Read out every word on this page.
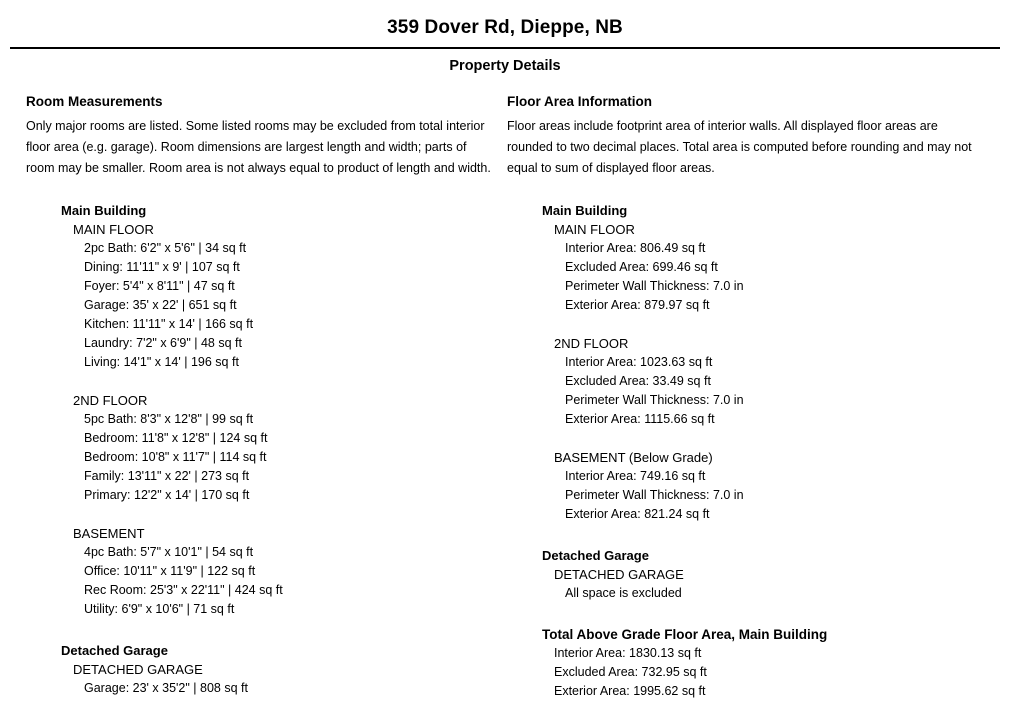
359 Dover Rd, Dieppe, NB
Property Details
Room Measurements
Only major rooms are listed. Some listed rooms may be excluded from total interior floor area (e.g. garage). Room dimensions are largest length and width; parts of room may be smaller. Room area is not always equal to product of length and width.
Main Building
MAIN FLOOR
2pc Bath: 6'2" x 5'6" | 34 sq ft
Dining: 11'11" x 9' | 107 sq ft
Foyer: 5'4" x 8'11" | 47 sq ft
Garage: 35' x 22' | 651 sq ft
Kitchen: 11'11" x 14' | 166 sq ft
Laundry: 7'2" x 6'9" | 48 sq ft
Living: 14'1" x 14' | 196 sq ft
2ND FLOOR
5pc Bath: 8'3" x 12'8" | 99 sq ft
Bedroom: 11'8" x 12'8" | 124 sq ft
Bedroom: 10'8" x 11'7" | 114 sq ft
Family: 13'11" x 22' | 273 sq ft
Primary: 12'2" x 14' | 170 sq ft
BASEMENT
4pc Bath: 5'7" x 10'1" | 54 sq ft
Office: 10'11" x 11'9" | 122 sq ft
Rec Room: 25'3" x 22'11" | 424 sq ft
Utility: 6'9" x 10'6" | 71 sq ft
Detached Garage
DETACHED GARAGE
Garage: 23' x 35'2" | 808 sq ft
Floor Area Information
Floor areas include footprint area of interior walls. All displayed floor areas are rounded to two decimal places. Total area is computed before rounding and may not equal to sum of displayed floor areas.
Main Building
MAIN FLOOR
Interior Area: 806.49 sq ft
Excluded Area: 699.46 sq ft
Perimeter Wall Thickness: 7.0 in
Exterior Area: 879.97 sq ft
2ND FLOOR
Interior Area: 1023.63 sq ft
Excluded Area: 33.49 sq ft
Perimeter Wall Thickness: 7.0 in
Exterior Area: 1115.66 sq ft
BASEMENT (Below Grade)
Interior Area: 749.16 sq ft
Perimeter Wall Thickness: 7.0 in
Exterior Area: 821.24 sq ft
Detached Garage
DETACHED GARAGE
All space is excluded
Total Above Grade Floor Area, Main Building
Interior Area: 1830.13 sq ft
Excluded Area: 732.95 sq ft
Exterior Area: 1995.62 sq ft
